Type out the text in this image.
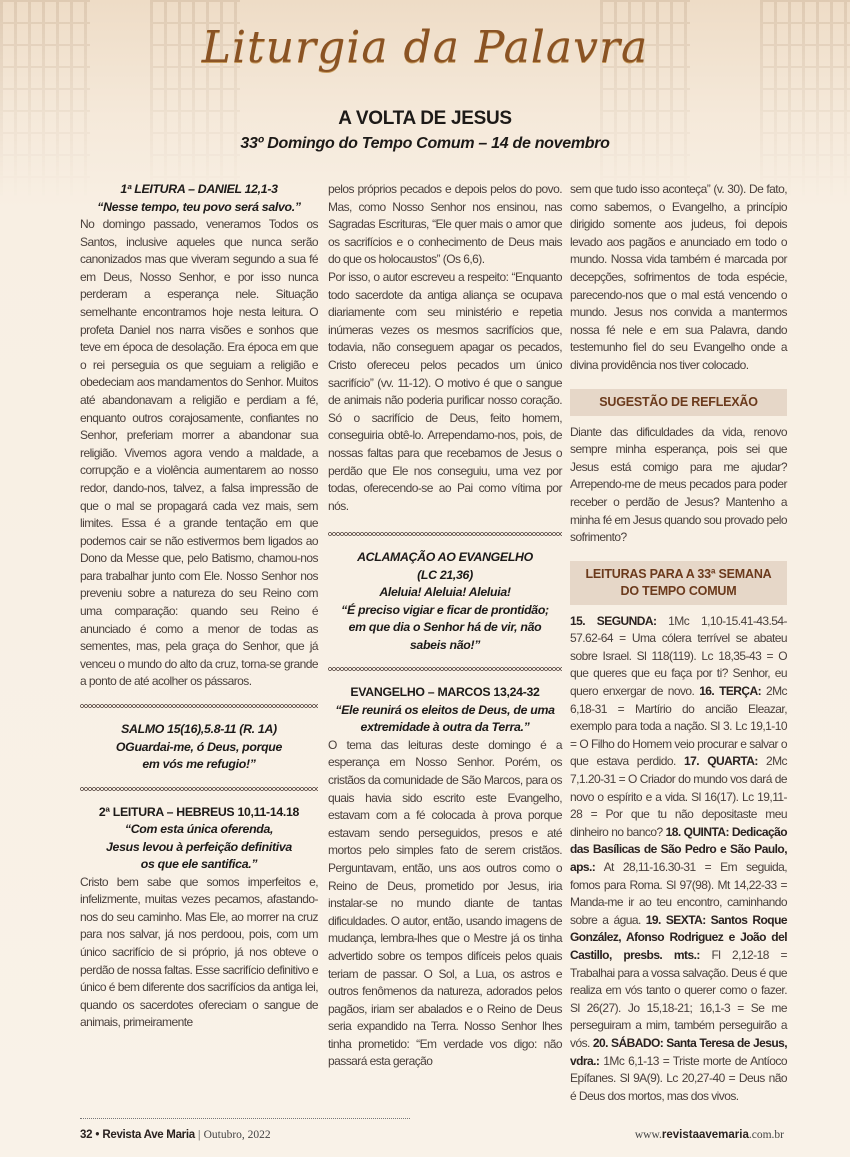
Liturgia da Palavra
A VOLTA DE JESUS
33º Domingo do Tempo Comum – 14 de novembro
1ª LEITURA – DANIEL 12,1-3
“Nesse tempo, teu povo será salvo.”

No domingo passado, veneramos Todos os Santos, inclusive aqueles que nunca serão canonizados mas que viveram segundo a sua fé em Deus, Nosso Senhor, e por isso nunca perderam a esperança nele. Situação semelhante encontramos hoje nesta leitura. O profeta Daniel nos narra visões e sonhos que teve em época de desolação. Era época em que o rei perseguia os que seguiam a religião e obedeciam aos mandamentos do Senhor. Muitos até abandonavam a religião e perdiam a fé, enquanto outros corajosamente, confiantes no Senhor, preferiam morrer a abandonar sua religião. Vivemos agora vendo a maldade, a corrupção e a violência aumentarem ao nosso redor, dando-nos, talvez, a falsa impressão de que o mal se propagará cada vez mais, sem limites. Essa é a grande tentação em que podemos cair se não estivermos bem ligados ao Dono da Messe que, pelo Batismo, chamou-nos para trabalhar junto com Ele. Nosso Senhor nos preveniu sobre a natureza do seu Reino com uma comparação: quando seu Reino é anunciado é como a menor de todas as sementes, mas, pela graça do Senhor, que já venceu o mundo do alto da cruz, torna-se grande a ponto de até acolher os pássaros.

SALMO 15(16),5.8-11 (R. 1A)
OGuardai-me, ó Deus, porque
em vós me refugio!”
2ª LEITURA – HEBREUS 10,11-14.18
“Com esta única oferenda,
Jesus levou à perfeição definitiva
os que ele santifica.”

Cristo bem sabe que somos imperfeitos e, infelizmente, muitas vezes pecamos, afastando-nos do seu caminho. Mas Ele, ao morrer na cruz para nos salvar, já nos perdoou, pois, com um único sacrifício de si próprio, já nos obteve o perdão de nossa faltas. Esse sacrifício definitivo e único é bem diferente dos sacrifícios da antiga lei, quando os sacerdotes ofereciam o sangue de animais, primeiramente

pelos próprios pecados e depois pelos do povo. Mas, como Nosso Senhor nos ensinou, nas Sagradas Escrituras, “Ele quer mais o amor que os sacrifícios e o conhecimento de Deus mais do que os holocaustos” (Os 6,6).

Por isso, o autor escreveu a respeito: “Enquanto todo sacerdote da antiga aliança se ocupava diariamente com seu ministério e repetia inúmeras vezes os mesmos sacrifícios que, todavia, não conseguem apagar os pecados, Cristo ofereceu pelos pecados um único sacrifício” (vv. 11-12). O motivo é que o sangue de animais não poderia purificar nosso coração. Só o sacrifício de Deus, feito homem, conseguiria obtê-lo. Arrependamo-nos, pois, de nossas faltas para que recebamos de Jesus o perdão que Ele nos conseguiu, uma vez por todas, oferecendo-se ao Pai como vítima por nós.

ACLAMAÇÃO AO EVANGELHO
(LC 21,36)
Aleluia! Aleluia! Aleluia!
“É preciso vigiar e ficar de prontidão;
em que dia o Senhor há de vir, não
sabeis não!”
EVANGELHO – MARCOS 13,24-32
“Ele reunirá os eleitos de Deus, de uma
extremidade à outra da Terra.”

O tema das leituras deste domingo é a esperança em Nosso Senhor. Porém, os cristãos da comunidade de São Marcos, para os quais havia sido escrito este Evangelho, estavam com a fé colocada à prova porque estavam sendo perseguidos, presos e até mortos pelo simples fato de serem cristãos. Perguntavam, então, uns aos outros como o Reino de Deus, prometido por Jesus, iria instalar-se no mundo diante de tantas dificuldades. O autor, então, usando imagens de mudança, lembra-lhes que o Mestre já os tinha advertido sobre os tempos difíceis pelos quais teriam de passar. O Sol, a Lua, os astros e outros fenômenos da natureza, adorados pelos pagãos, iriam ser abalados e o Reino de Deus seria expandido na Terra. Nosso Senhor lhes tinha prometido: “Em verdade vos digo: não passará esta geração

sem que tudo isso aconteça” (v. 30). De fato, como sabemos, o Evangelho, a princípio dirigido somente aos judeus, foi depois levado aos pagãos e anunciado em todo o mundo. Nossa vida também é marcada por decepções, sofrimentos de toda espécie, parecendo-nos que o mal está vencendo o mundo. Jesus nos convida a mantermos nossa fé nele e em sua Palavra, dando testemunho fiel do seu Evangelho onde a divina providência nos tiver colocado.

SUGESTÃO DE REFLEXÃO

Diante das dificuldades da vida, renovo sempre minha esperança, pois sei que Jesus está comigo para me ajudar? Arrependo-me de meus pecados para poder receber o perdão de Jesus? Mantenho a minha fé em Jesus quando sou provado pelo sofrimento?

LEITURAS PARA A 33ª SEMANA
DO TEMPO COMUM

15. SEGUNDA: 1Mc 1,10-15.41-43.54-57.62-64 = Uma cólera terrível se abateu sobre Israel. Sl 118(119). Lc 18,35-43 = O que queres que eu faça por ti? Senhor, eu quero enxergar de novo. 16. TERÇA: 2Mc 6,18-31 = Martírio do ancião Eleazar, exemplo para toda a nação. Sl 3. Lc 19,1-10 = O Filho do Homem veio procurar e salvar o que estava perdido. 17. QUARTA: 2Mc 7,1.20-31 = O Criador do mundo vos dará de novo o espírito e a vida. Sl 16(17). Lc 19,11-28 = Por que tu não depositaste meu dinheiro no banco? 18. QUINTA: Dedicação das Basílicas de São Pedro e São Paulo, aps.: At 28,11-16.30-31 = Em seguida, fomos para Roma. Sl 97(98). Mt 14,22-33 = Manda-me ir ao teu encontro, caminhando sobre a água. 19. SEXTA: Santos Roque González, Afonso Rodriguez e João del Castillo, presbs. mts.: Fl 2,12-18 = Trabalhai para a vossa salvação. Deus é que realiza em vós tanto o querer como o fazer. Sl 26(27). Jo 15,18-21; 16,1-3 = Se me perseguiram a mim, também perseguirão a vós. 20. SÁBADO: Santa Teresa de Jesus, vdra.: 1Mc 6,1-13 = Triste morte de Antíoco Epífanes. Sl 9A(9). Lc 20,27-40 = Deus não é Deus dos mortos, mas dos vivos.

32 • Revista Ave Maria | Outubro, 2022	www.revistaavemaria.com.br
